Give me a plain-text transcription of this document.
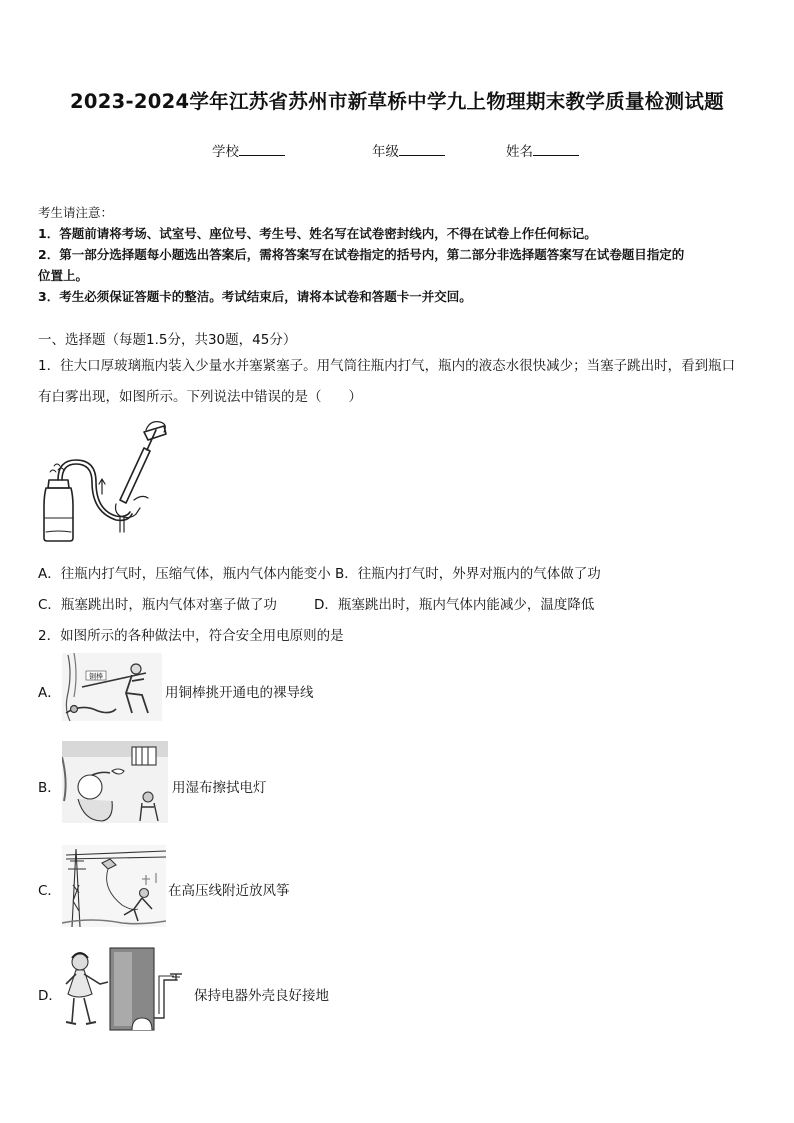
2023-2024学年江苏省苏州市新草桥中学九上物理期末教学质量检测试题
学校	年级	姓名
考生请注意：
1．答题前请将考场、试室号、座位号、考生号、姓名写在试卷密封线内，不得在试卷上作任何标记。
2．第一部分选择题每小题选出答案后，需将答案写在试卷指定的括号内，第二部分非选择题答案写在试卷题目指定的
位置上。
3．考生必须保证答题卡的整洁。考试结束后，请将本试卷和答题卡一并交回。
一、选择题（每题1.5分，共30题，45分）
1．往大口厚玻璃瓶内装入少量水并塞紧塞子。用气筒往瓶内打气，瓶内的液态水很快减少；当塞子跳出时，看到瓶口
有白雾出现，如图所示。下列说法中错误的是（　　）
A．往瓶内打气时，压缩气体，瓶内气体内能变小 B．往瓶内打气时，外界对瓶内的气体做了功
C．瓶塞跳出时，瓶内气体对塞子做了功	D．瓶塞跳出时，瓶内气体内能减少，温度降低
2．如图所示的各种做法中，符合安全用电原则的是
A．
铜棒
用铜棒挑开通电的裸导线
B．	用湿布擦拭电灯
C．	在高压线附近放风筝
D．	保持电器外壳良好接地
